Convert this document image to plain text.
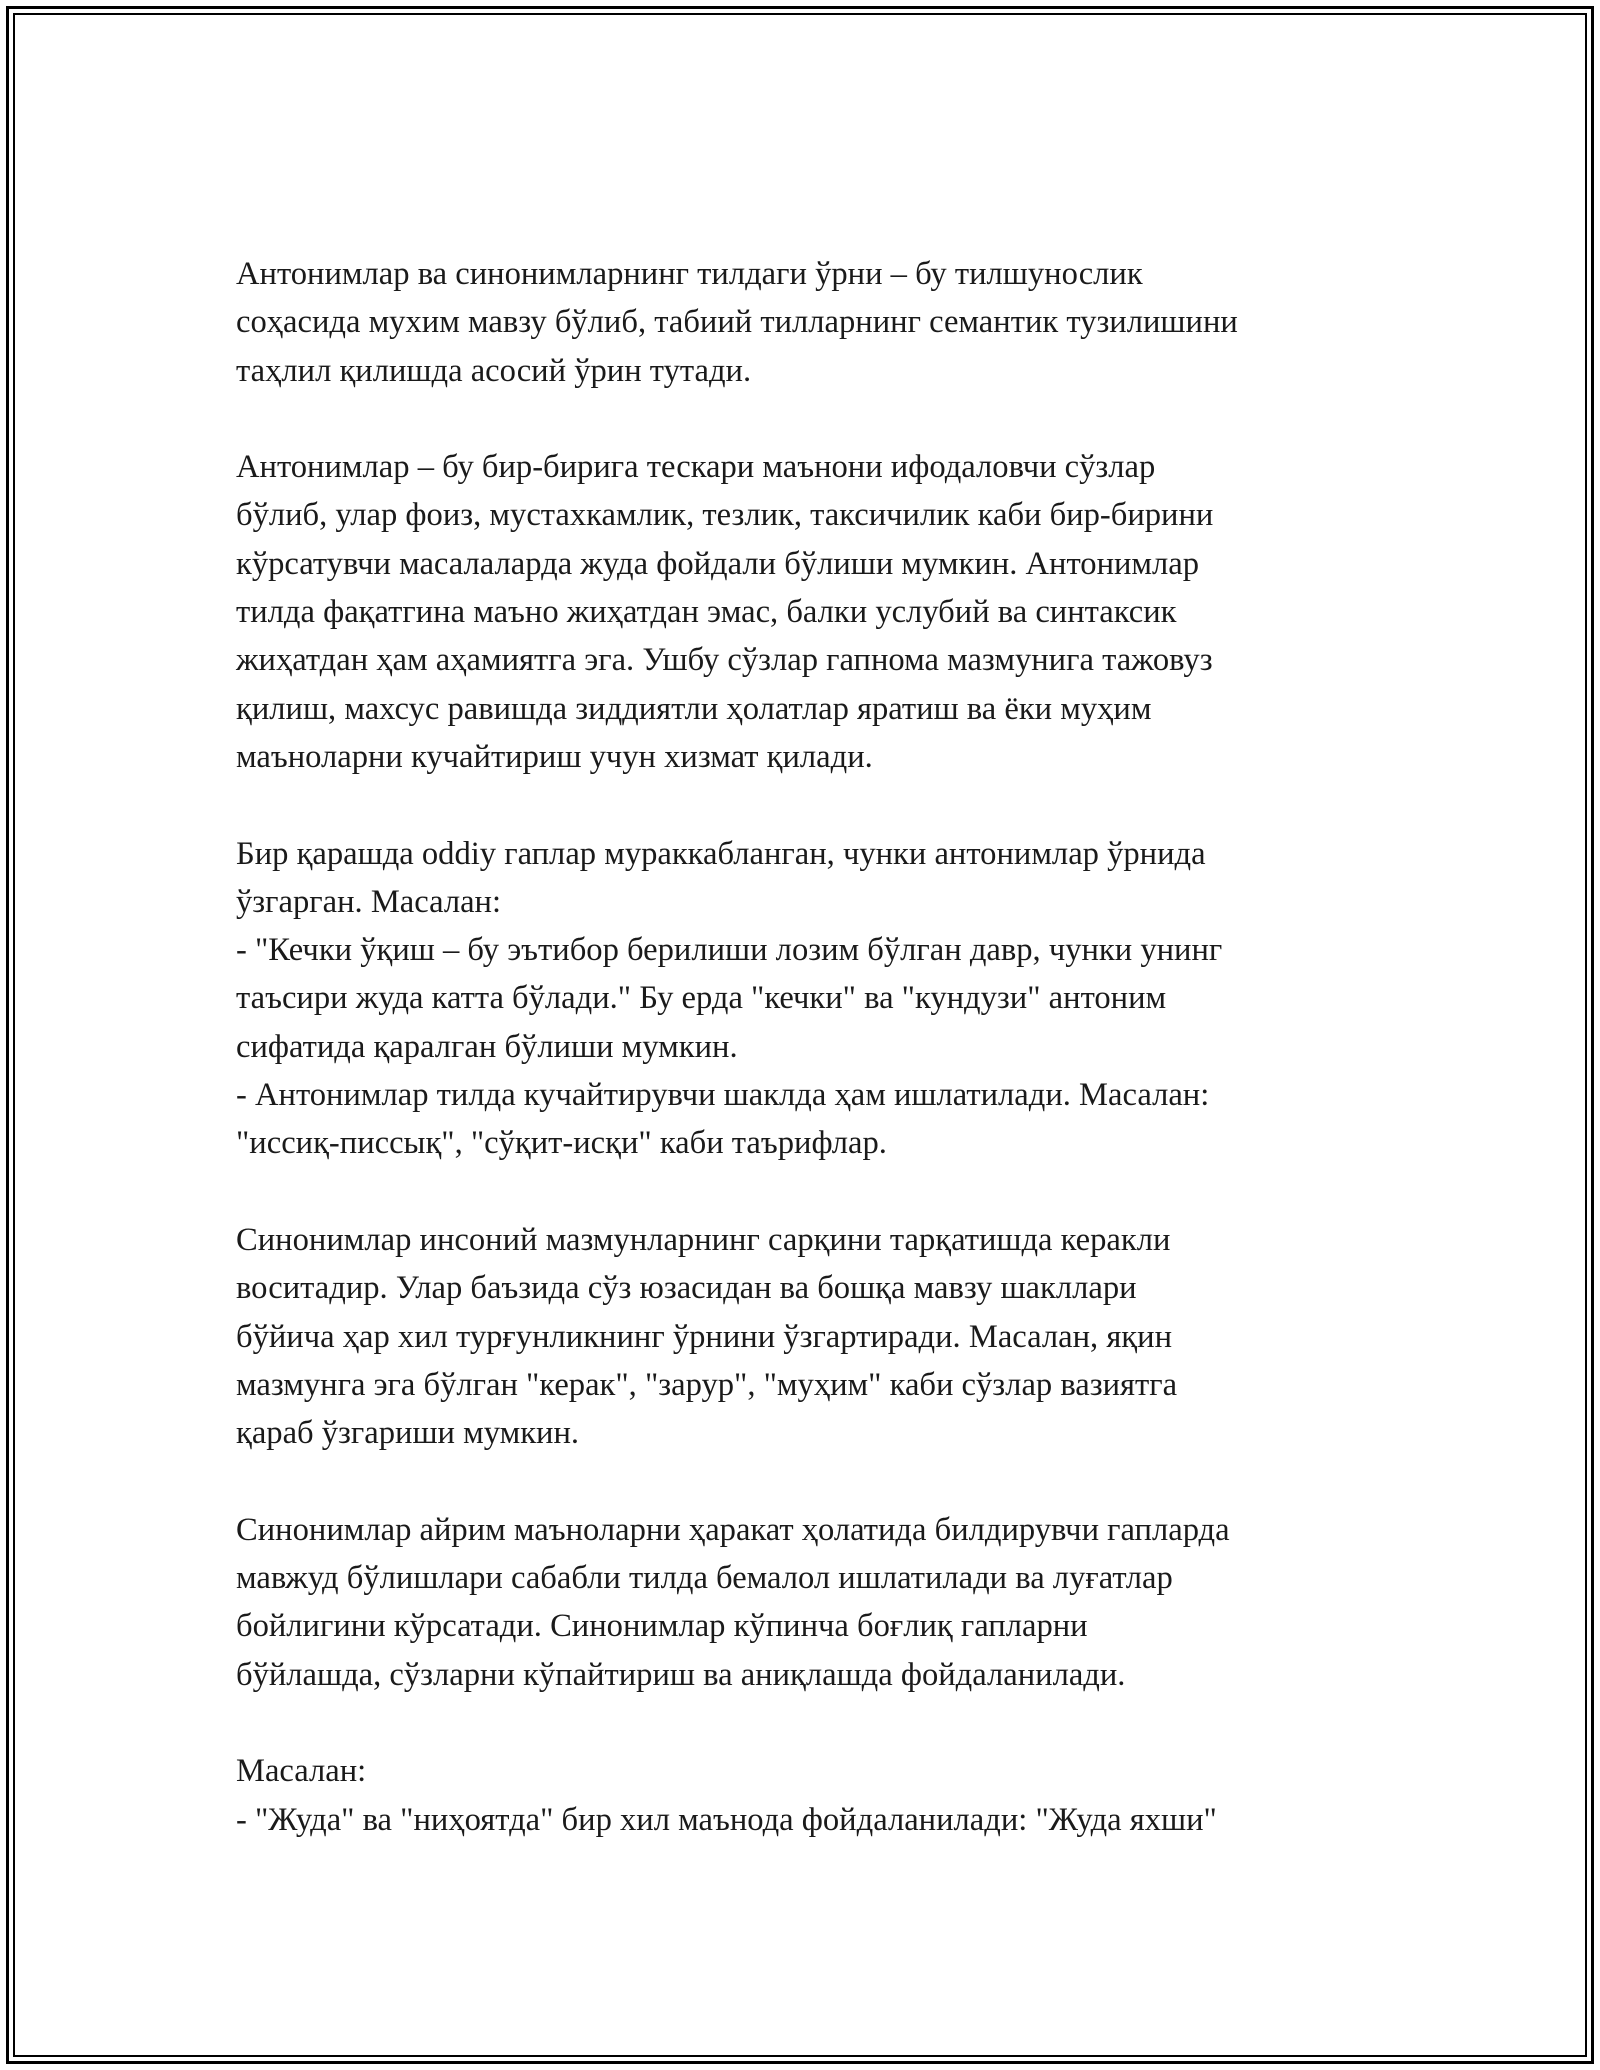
Антонимлар ва синонимларнинг тилдаги ўрни – бу тилшунослик
соҳасида мухим мавзу бўлиб, табиий тилларнинг семантик тузилишини
таҳлил қилишда асосий ўрин тутади.

Антонимлар – бу бир-бирига тескари маънони ифодаловчи сўзлар
бўлиб, улар фоиз, мустахкамлик, тезлик, таксичилик каби бир-бирини
кўрсатувчи масалаларда жуда фойдали бўлиши мумкин. Антонимлар
тилда фақатгина маъно жиҳатдан эмас, балки услубий ва синтаксик
жиҳатдан ҳам аҳамиятга эга. Ушбу сўзлар гапнома мазмунига тажовуз
қилиш, махсус равишда зиддиятли ҳолатлар яратиш ва ёки муҳим
маъноларни кучайтириш учун хизмат қилади.

Бир қарашда oddiy гаплар мураккабланган, чунки антонимлар ўрнида
ўзгарган. Масалан:
- "Кечки ўқиш – бу эътибор берилиши лозим бўлган давр, чунки унинг
таъсири жуда катта бўлади." Бу ерда "кечки" ва "кундузи" антоним
сифатида қаралган бўлиши мумкин.
- Антонимлар тилда кучайтирувчи шаклда ҳам ишлатилади. Масалан:
"иссиқ-писсық", "сўқит-исқи" каби таърифлар.

Синонимлар инсоний мазмунларнинг сарқини тарқатишда керакли
воситадир. Улар баъзида сўз юзасидан ва бошқа мавзу шакллари
бўйича ҳар хил турғунликнинг ўрнини ўзгартиради. Масалан, яқин
мазмунга эга бўлган "керак", "зарур", "муҳим" каби сўзлар вазиятга
қараб ўзгариши мумкин.

Синонимлар айрим маъноларни ҳаракат ҳолатида билдирувчи гапларда
мавжуд бўлишлари сабабли тилда бемалол ишлатилади ва луғатлар
бойлигини кўрсатади. Синонимлар кўпинча боғлиқ гапларни
бўйлашда, сўзларни кўпайтириш ва аниқлашда фойдаланилади.

Масалан:
- "Жуда" ва "ниҳоятда" бир хил маънода фойдаланилади: "Жуда яхши"
